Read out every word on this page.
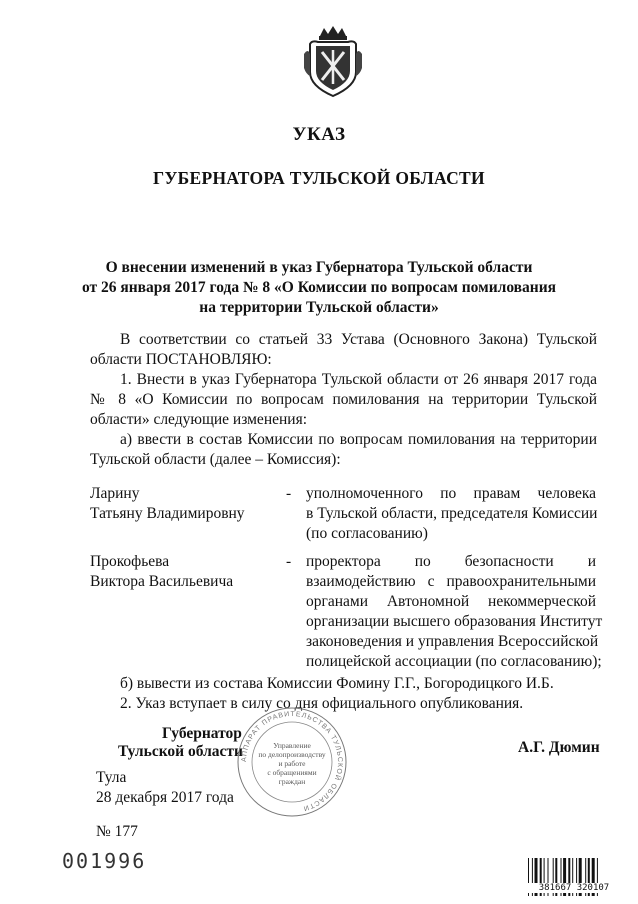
УКАЗ
ГУБЕРНАТОРА ТУЛЬСКОЙ ОБЛАСТИ
О внесении изменений в указ Губернатора Тульской области
от 26 января 2017 года № 8 «О Комиссии по вопросам помилования
на территории Тульской области»
В соответствии со статьей 33 Устава (Основного Закона) Тульской
области ПОСТАНОВЛЯЮ:
1. Внести в указ Губернатора Тульской области от 26 января 2017 года
№ 8 «О Комиссии по вопросам помилования на территории Тульской
области» следующие изменения:
а) ввести в состав Комиссии по вопросам помилования на территории
Тульской области (далее – Комиссия):
Ларину
Татьяну Владимировну
- уполномоченного по правам человека
в Тульской области, председателя Комиссии
(по согласованию)
Прокофьева
Виктора Васильевича
- проректора по безопасности и
взаимодействию с правоохранительными
органами Автономной некоммерческой
организации высшего образования Институт
законоведения и управления Всероссийской
полицейской ассоциации (по согласованию);
б) вывести из состава Комиссии Фомину Г.Г., Богородицкого И.Б.
2. Указ вступает в силу со дня официального опубликования.
Губернатор
Тульской области	А.Г. Дюмин
АППАРАТ ПРАВИТЕЛЬСТВА ТУЛЬСКОЙ ОБЛАСТИ
Управление
по делопроизводству
и работе
с обращениями
граждан
Тула
28 декабря 2017 года
№ 177
001996
381667 320107
